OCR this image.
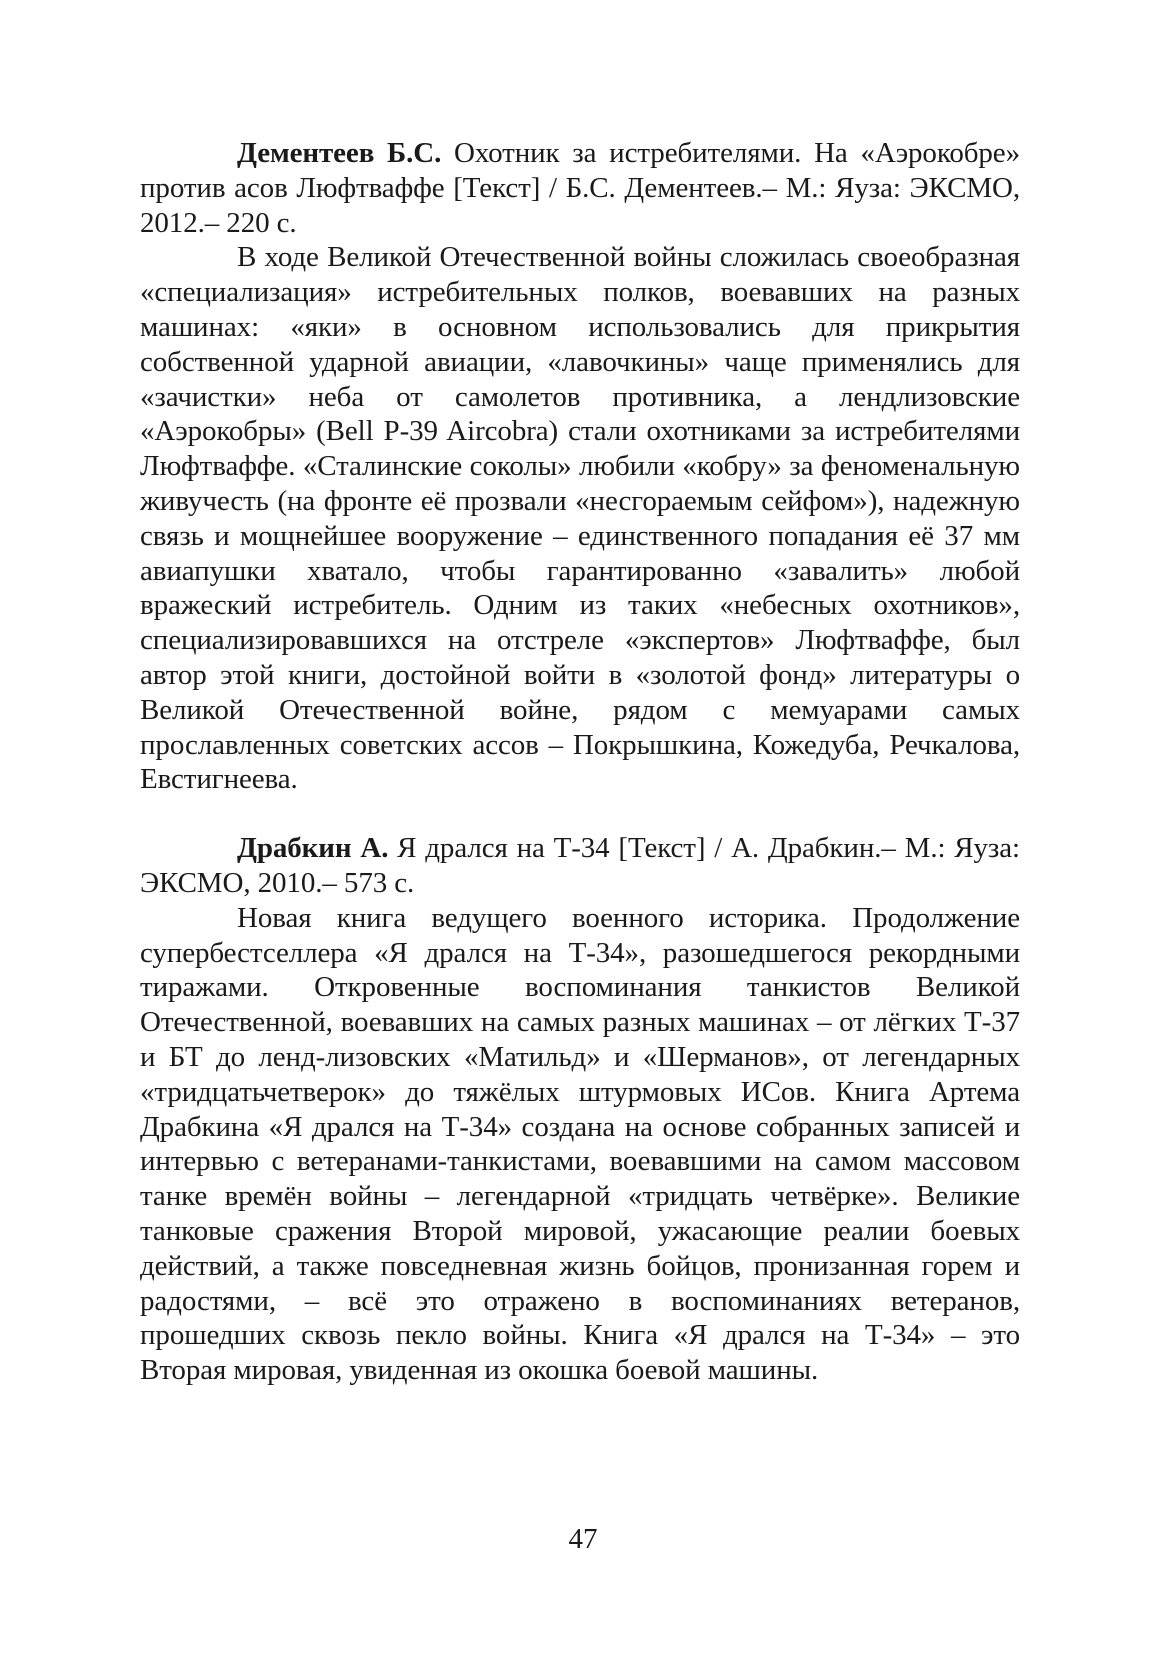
Дементеев Б.С. Охотник за истребителями. На «Аэрокобре» против асов Люфтваффе [Текст] / Б.С. Дементеев.– М.: Яуза: ЭКСМО, 2012.– 220 с.

В ходе Великой Отечественной войны сложилась своеобразная «специализация» истребительных полков, воевавших на разных машинах: «яки» в основном использовались для прикрытия собственной ударной авиации, «лавочкины» чаще применялись для «зачистки» неба от самолетов противника, а лендлизовские «Аэрокобры» (Bell P-39 Aircobra) стали охотниками за истребителями Люфтваффе. «Сталинские соколы» любили «кобру» за феноменальную живучесть (на фронте её прозвали «несгораемым сейфом»), надежную связь и мощнейшее вооружение – единственного попадания её 37 мм авиапушки хватало, чтобы гарантированно «завалить» любой вражеский истребитель. Одним из таких «небесных охотников», специализировавшихся на отстреле «экспертов» Люфтваффе, был автор этой книги, достойной войти в «золотой фонд» литературы о Великой Отечественной войне, рядом с мемуарами самых прославленных советских ассов – Покрышкина, Кожедуба, Речкалова, Евстигнеева.

Драбкин А. Я дрался на Т-34 [Текст] / А. Драбкин.– М.: Яуза: ЭКСМО, 2010.– 573 с.

Новая книга ведущего военного историка. Продолжение супербестселлера «Я дрался на Т-34», разошедшегося рекордными тиражами. Откровенные воспоминания танкистов Великой Отечественной, воевавших на самых разных машинах – от лёгких Т-37 и БТ до ленд-лизовских «Матильд» и «Шерманов», от легендарных «тридцатьчетверок» до тяжёлых штурмовых ИСов. Книга Артема Драбкина «Я дрался на Т-34» создана на основе собранных записей и интервью с ветеранами-танкистами, воевавшими на самом массовом танке времён войны – легендарной «тридцать четвёрке». Великие танковые сражения Второй мировой, ужасающие реалии боевых действий, а также повседневная жизнь бойцов, пронизанная горем и радостями, – всё это отражено в воспоминаниях ветеранов, прошедших сквозь пекло войны. Книга «Я дрался на Т-34» – это Вторая мировая, увиденная из окошка боевой машины.

47
